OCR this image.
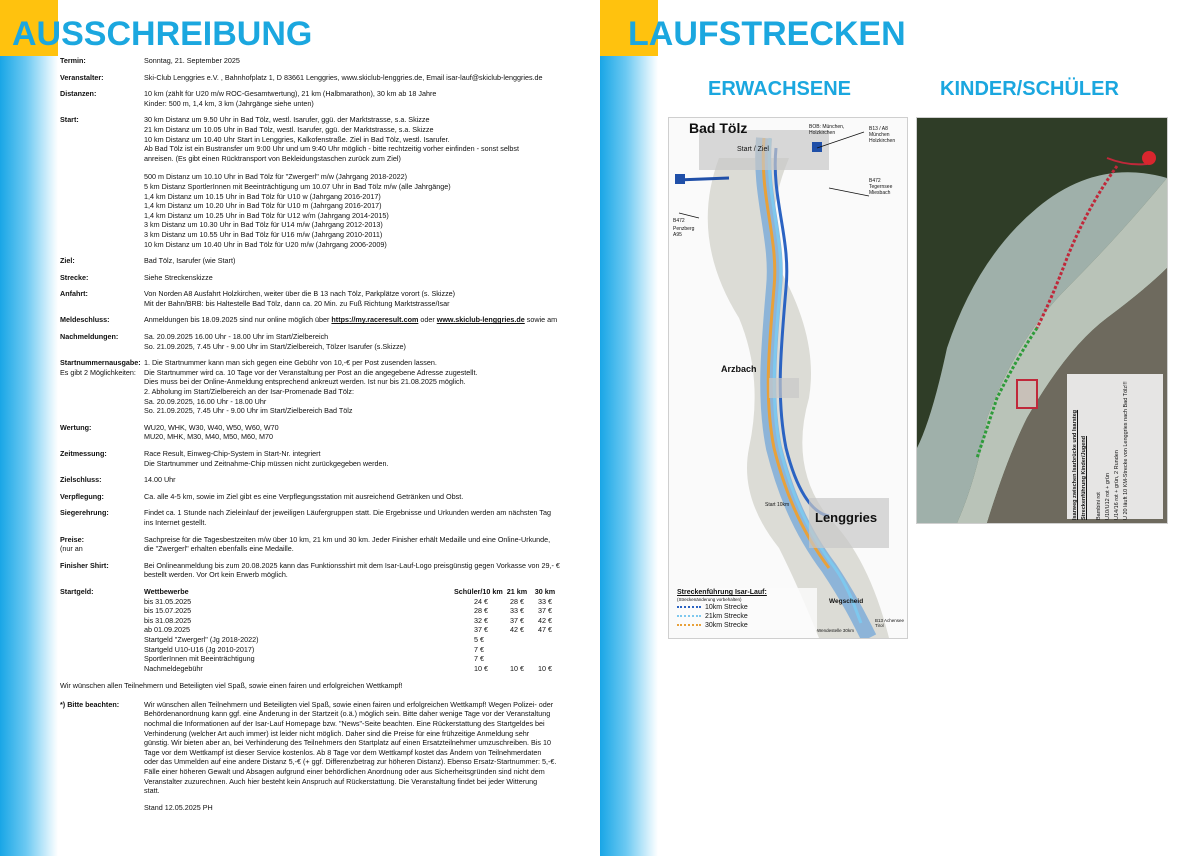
AUSSCHREIBUNG

Termin:	Sonntag, 21. September 2025

Veranstalter:	Ski-Club Lenggries e.V. , Bahnhofplatz 1, D 83661 Lenggries, www.skiclub-lenggries.de, Email isar-lauf@skiclub-lenggries.de

Distanzen:	10 km (zählt für U20 m/w ROC-Gesamtwertung), 21 km (Halbmarathon), 30 km ab 18 Jahre

Kinder: 500 m, 1,4 km, 3 km (Jahrgänge siehe unten)

Start:	30 km Distanz um 9.50 Uhr in Bad Tölz, westl. Isarufer, ggü. der Marktstrasse, s.a. Skizze

21 km Distanz um 10.05 Uhr in Bad Tölz, westl. Isarufer, ggü. der Marktstrasse, s.a. Skizze

10 km Distanz um 10.40 Uhr Start in Lenggries, Kalkofenstraße. Ziel in Bad Tölz, westl. Isarufer.

Ab Bad Tölz ist ein Bustransfer um 9:00 Uhr und um 9:40 Uhr möglich - bitte rechtzeitig vorher einfinden - sonst selbst

anreisen. (Es gibt einen Rücktransport von Bekleidungstaschen zurück zum Ziel)

500 m Distanz um 10.10 Uhr in Bad Tölz für "Zwergerl" m/w (Jahrgang 2018-2022)

5 km Distanz SportlerInnen mit Beeinträchtigung um 10.07 Uhr in Bad Tölz m/w (alle Jahrgänge)

1,4 km Distanz um 10.15 Uhr in Bad Tölz für U10 w (Jahrgang 2016-2017)

1,4 km Distanz um 10.20 Uhr in Bad Tölz für U10 m (Jahrgang 2016-2017)

1,4 km Distanz um 10.25 Uhr in Bad Tölz für U12 w/m (Jahrgang 2014-2015)

3 km Distanz um 10.30 Uhr in Bad Tölz für U14 m/w (Jahrgang 2012-2013)

3 km Distanz um 10.55 Uhr in Bad Tölz für U16 m/w (Jahrgang 2010-2011)

10 km Distanz um 10.40 Uhr in Bad Tölz für U20 m/w (Jahrgang 2006-2009)

Ziel:	Bad Tölz, Isarufer (wie Start)

Strecke:	Siehe Streckenskizze

Anfahrt:	Von Norden A8 Ausfahrt Holzkirchen, weiter über die B 13 nach Tölz, Parkplätze vorort (s. Skizze)

Mit der Bahn/BRB: bis Haltestelle Bad Tölz, dann ca. 20 Min. zu Fuß Richtung Marktstrasse/Isar

Meldeschluss:	Anmeldungen bis 18.09.2025 sind nur online möglich über https://my.raceresult.com oder www.skiclub-lenggries.de sowie am

Nachmeldungen:	Sa. 20.09.2025 16.00 Uhr - 18.00 Uhr im Start/Zielbereich

So. 21.09.2025, 7.45 Uhr - 9.00 Uhr im Start/Zielbereich, Tölzer Isarufer (s.Skizze)

Startnummernausgabe:

Es gibt 2 Möglichkeiten:

1. Die Startnummer kann man sich gegen eine Gebühr von 10,-€ per Post zusenden lassen.

Die Startnummer wird ca. 10 Tage vor der Veranstaltung per Post an die angegebene Adresse zugestellt.

Dies muss bei der Online-Anmeldung entsprechend ankreuzt werden. Ist nur bis 21.08.2025 möglich.

2. Abholung im Start/Zielbereich an der Isar-Promenade Bad Tölz:

Sa. 20.09.2025, 16.00 Uhr - 18.00 Uhr

So. 21.09.2025, 7.45 Uhr - 9.00 Uhr im Start/Zielbereich Bad Tölz

Wertung:	WU20, WHK, W30, W40, W50, W60, W70

MU20, MHK, M30, M40, M50, M60, M70

Zeitmessung:	Race Result, Einweg-Chip-System in Start-Nr. integriert

Die Startnummer und Zeitnahme-Chip müssen nicht zurückgegeben werden.

Zielschluss:	14.00 Uhr

Verpflegung:	Ca. alle 4-5 km, sowie im Ziel gibt es eine Verpflegungsstation mit ausreichend Getränken und Obst.

Siegerehrung:	Findet ca. 1 Stunde nach Zieleinlauf der jeweiligen Läufergruppen statt. Die Ergebnisse und Urkunden werden am nächsten Tag

ins Internet gestellt.

Preise:

(nur an

Sachpreise für die Tagesbestzeiten m/w über 10 km, 21 km und 30 km. Jeder Finisher erhält Medaille und eine Online-Urkunde,

die "Zwergerl" erhalten ebenfalls eine Medaille.

Finisher Shirt:	Bei Onlineanmeldung bis zum 20.08.2025 kann das Funktionsshirt mit dem Isar-Lauf-Logo preisgünstig gegen Vorkasse von 29,- €

bestellt werden. Vor Ort kein Erwerb möglich.

Startgeld:	Wettbewerbe	Schüler/10 km	21 km	30 km
bis 31.05.2025	24 €	28 €	33 €
bis 15.07.2025	28 €	33 €	37 €
bis 31.08.2025	32 €	37 €	42 €
ab 01.09.2025	37 €	42 €	47 €
Startgeld "Zwergerl" (Jg 2018-2022)	5 €		
Startgeld U10-U16 (Jg 2010-2017)	7 €		
SportlerInnen mit Beeinträchtigung	7 €		
Nachmeldegebühr	10 €	10 €	10 €

Wir wünschen allen Teilnehmern und Beteiligten viel Spaß, sowie einen fairen und erfolgreichen Wettkampf!

*) Bitte beachten:	Wir wünschen allen Teilnehmern und Beteiligten viel Spaß, sowie einen fairen und erfolgreichen Wettkampf! Wegen Polizei- oder

Behördenanordnung kann ggf. eine Änderung in der Startzeit (o.ä.) möglich sein. Bitte daher wenige Tage vor der Veranstaltung

nochmal die Informationen auf der Isar-Lauf Homepage bzw. "News"-Seite beachten. Eine Rückerstattung des Startgeldes bei

Verhinderung (welcher Art auch immer) ist leider nicht möglich. Daher sind die Preise für eine frühzeitige Anmeldung sehr

günstig. Wir bieten aber an, bei Verhinderung des Teilnehmers den Startplatz auf einen Ersatzteilnehmer umzuschreiben. Bis 10

Tage vor dem Wettkampf ist dieser Service kostenlos. Ab 8 Tage vor dem Wettkampf kostet das Ändern von Teilnehmerdaten

oder das Ummelden auf eine andere Distanz 5,-€ (+ ggf. Differenzbetrag zur höheren Distanz). Ebenso Ersatz-Startnummer: 5,-€.

Fälle einer höheren Gewalt und Absagen aufgrund einer behördlichen Anordnung oder aus Sicherheitsgründen sind nicht dem

Veranstalter zuzurechnen. Auch hier besteht kein Anspruch auf Rückerstattung. Die Veranstaltung findet bei jeder Witterung

statt.

Stand 12.05.2025 PH

LAUFSTRECKEN
ERWACHSENE	KINDER/SCHÜLER
Bad Tölz
Start / Ziel
BOB: München, Holzkirchen
B13 / A8 München Holzkirchen
B472 Tegernsee Miesbach
B472
Penzberg A95
Arzbach
Start 10km
Lenggries
Wegscheid
Wendestelle 30km
B13 Achensee Tirol
Streckenführung Isar-Lauf:
(Streckenänderung vorbehalten)
10km Strecke
21km Strecke
30km Strecke
Isarweg zwischen Isarbrücke und Isarsteg Streckenführung Kinder/Jugend	Bambini rot U10/U12 rot + grün U14/16 rot + grün, 2 Runden U 20 läuft 10 KM-Strecke von Lenggries nach Bad Tölz!!!
